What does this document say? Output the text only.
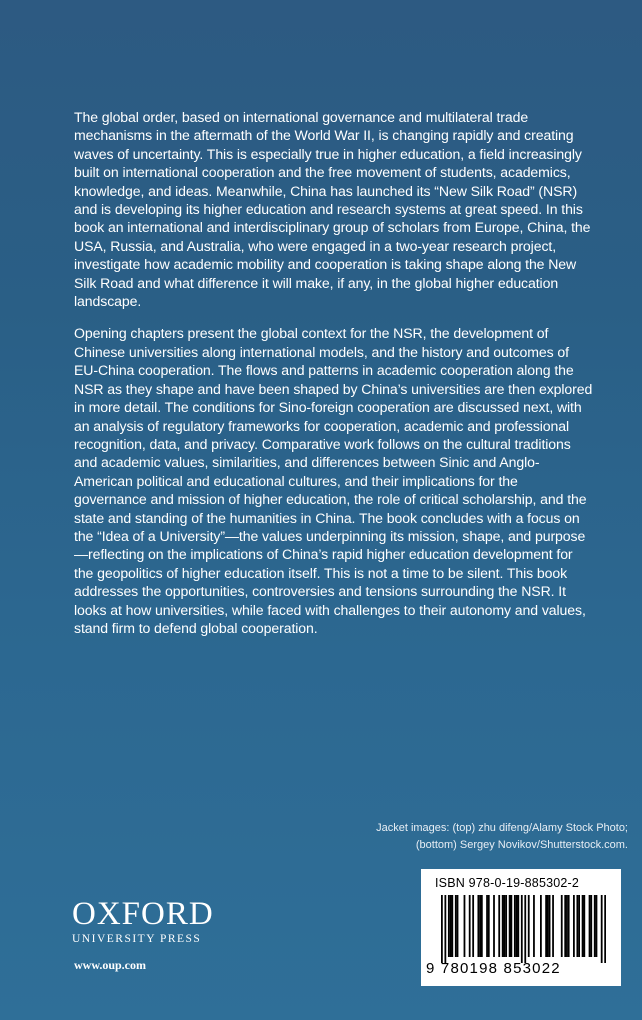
The global order, based on international governance and multilateral trade mechanisms in the aftermath of the World War II, is changing rapidly and creating waves of uncertainty. This is especially true in higher education, a field increasingly built on international cooperation and the free movement of students, academics, knowledge, and ideas. Meanwhile, China has launched its “New Silk Road” (NSR) and is developing its higher education and research systems at great speed. In this book an international and interdisciplinary group of scholars from Europe, China, the USA, Russia, and Australia, who were engaged in a two-year research project, investigate how academic mobility and cooperation is taking shape along the New Silk Road and what difference it will make, if any, in the global higher education landscape.

Opening chapters present the global context for the NSR, the development of Chinese universities along international models, and the history and outcomes of EU-China cooperation. The flows and patterns in academic cooperation along the NSR as they shape and have been shaped by China’s universities are then explored in more detail. The conditions for Sino-foreign cooperation are discussed next, with an analysis of regulatory frameworks for cooperation, academic and professional recognition, data, and privacy. Comparative work follows on the cultural traditions and academic values, similarities, and differences between Sinic and Anglo-American political and educational cultures, and their implications for the governance and mission of higher education, the role of critical scholarship, and the state and standing of the humanities in China. The book concludes with a focus on the “Idea of a University”—the values underpinning its mission, shape, and purpose—reflecting on the implications of China’s rapid higher education development for the geopolitics of higher education itself. This is not a time to be silent. This book addresses the opportunities, controversies and tensions surrounding the NSR. It looks at how universities, while faced with challenges to their autonomy and values, stand firm to defend global cooperation.

Jacket images: (top) zhu difeng/Alamy Stock Photo;
(bottom) Sergey Novikov/Shutterstock.com.
OXFORD
UNIVERSITY PRESS
www.oup.com
ISBN 978-0-19-885302-2
9 780198 853022
